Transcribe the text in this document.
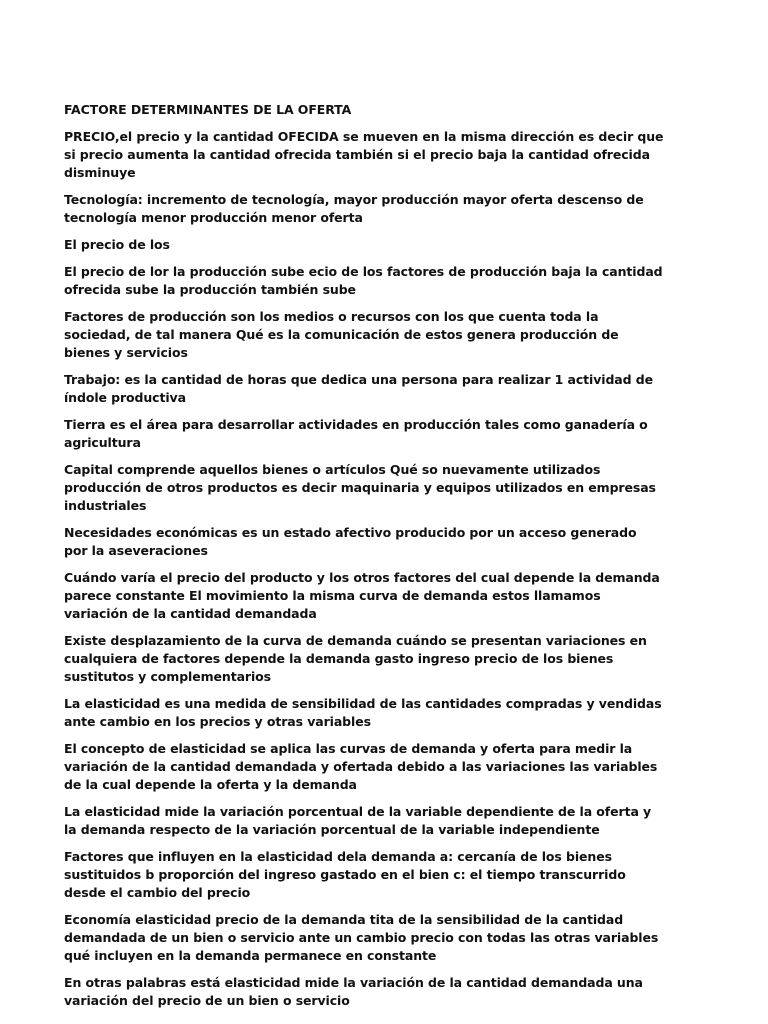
FACTORE DETERMINANTES DE LA OFERTA

PRECIO,el precio y la cantidad OFECIDA se mueven en la misma dirección es decir que si precio aumenta la cantidad ofrecida también si el precio baja la cantidad ofrecida disminuye

Tecnología: incremento de tecnología, mayor producción mayor oferta descenso de tecnología menor producción menor oferta

El precio de los

El precio de lor la producción sube ecio de los factores de producción baja la cantidad ofrecida sube la producción también sube

Factores de producción son los medios o recursos con los que cuenta toda la sociedad, de tal manera Qué es la comunicación de estos genera producción de bienes y servicios

Trabajo: es la cantidad de horas que dedica una persona para realizar 1 actividad de índole productiva

Tierra es el área para desarrollar actividades en producción tales como ganadería o agricultura

Capital comprende aquellos bienes o artículos Qué so nuevamente utilizados producción de otros productos es decir maquinaria y equipos utilizados en empresas industriales

Necesidades económicas es un estado afectivo producido por un acceso generado por la aseveraciones

Cuándo varía el precio del producto y los otros factores del cual depende la demanda parece constante El movimiento la misma curva de demanda estos llamamos variación de la cantidad demandada

Existe desplazamiento de la curva de demanda cuándo se presentan variaciones en cualquiera de factores depende la demanda gasto ingreso precio de los bienes sustitutos y complementarios

La elasticidad es una medida de sensibilidad de las cantidades compradas y vendidas ante cambio en los precios y otras variables

El concepto de elasticidad se aplica las curvas de demanda y oferta para medir la variación de la cantidad demandada y ofertada debido a las variaciones las variables de la cual depende la oferta y la demanda

La elasticidad mide la variación porcentual de la variable dependiente de la oferta y la demanda respecto de la variación porcentual de la variable independiente

Factores que influyen en la elasticidad dela demanda a: cercanía de los bienes sustituidos b proporción del ingreso gastado en el bien c: el tiempo transcurrido desde el cambio del precio

Economía elasticidad precio de la demanda tita de la sensibilidad de la cantidad demandada de un bien o servicio ante un cambio precio con todas las otras variables qué incluyen en la demanda permanece en constante

En otras palabras está elasticidad mide la variación de la cantidad demandada una variación del precio de un bien o servicio
